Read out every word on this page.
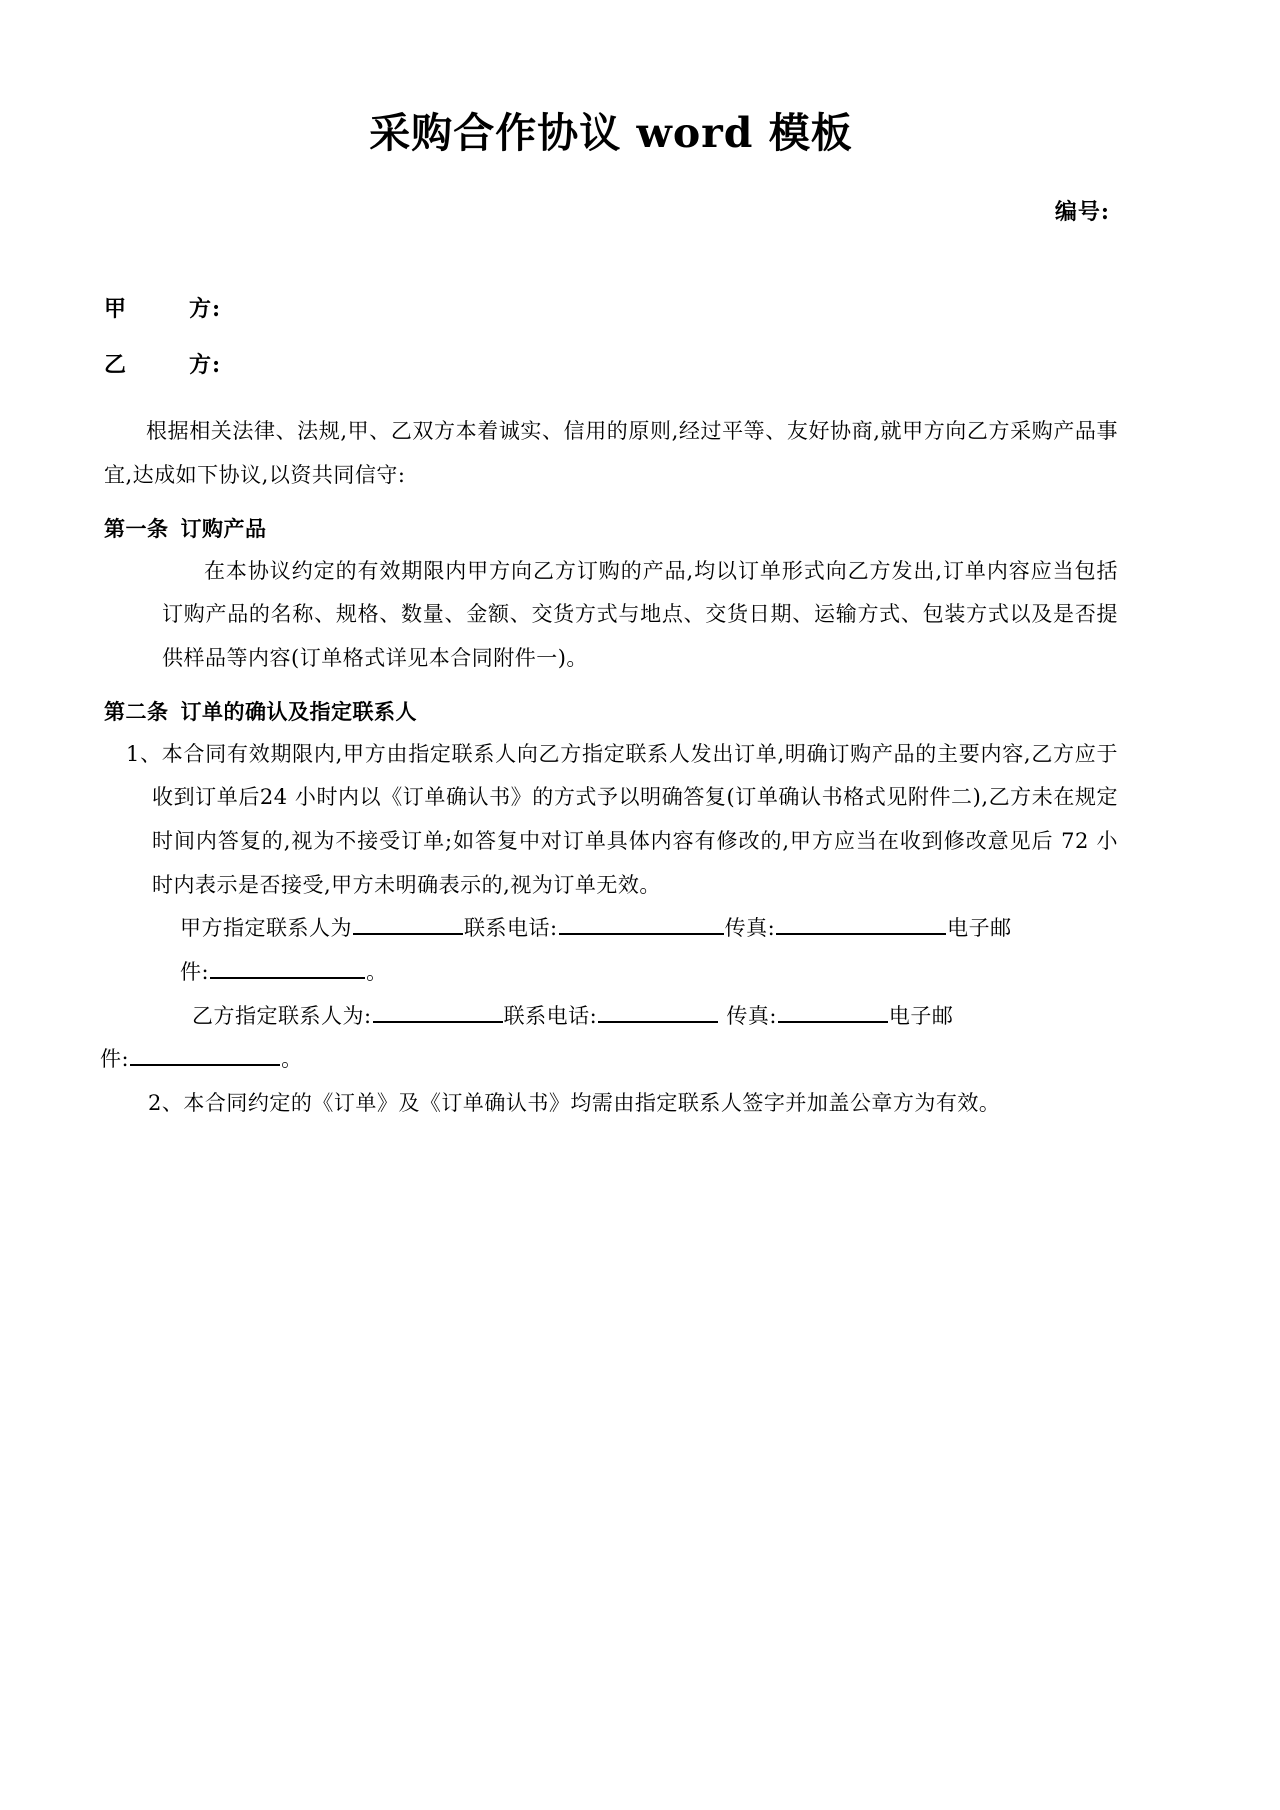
采购合作协议 word 模板
编号:
甲	方:
乙	方:

根据相关法律、法规,甲、乙双方本着诚实、信用的原则,经过平等、友好协商,就甲方向乙方采购产品事宜,达成如下协议,以资共同信守:

第一条 订购产品

在本协议约定的有效期限内甲方向乙方订购的产品,均以订单形式向乙方发出,订单内容应当包括订购产品的名称、规格、数量、金额、交货方式与地点、交货日期、运输方式、包装方式以及是否提供样品等内容(订单格式详见本合同附件一)。

第二条 订单的确认及指定联系人

1、本合同有效期限内,甲方由指定联系人向乙方指定联系人发出订单,明确订购产品的主要内容,乙方应于收到订单后24 小时内以《订单确认书》的方式予以明确答复(订单确认书格式见附件二),乙方未在规定时间内答复的,视为不接受订单;如答复中对订单具体内容有修改的,甲方应当在收到修改意见后 72 小时内表示是否接受,甲方未明确表示的,视为订单无效。

甲方指定联系人为	联系电话:	传真:	电子邮

件:	。

乙方指定联系人为:	联系电话:	传真:	电子邮

件:	。

2、本合同约定的《订单》及《订单确认书》均需由指定联系人签字并加盖公章方为有效。
